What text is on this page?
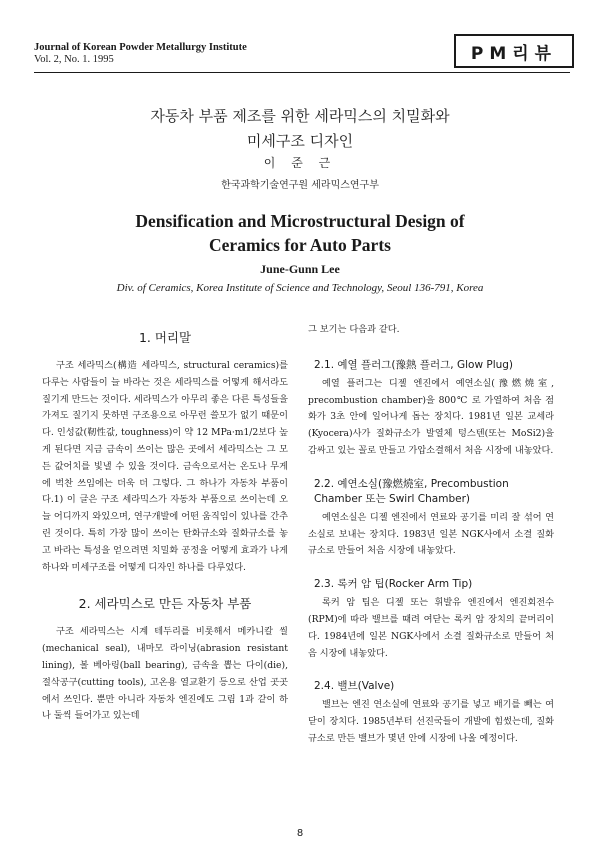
Journal of Korean Powder Metallurgy Institute
Vol. 2, No. 1. 1995	PM리뷰
자동차 부품 제조를 위한 세라믹스의 치밀화와
미세구조 디자인
이 준 근
한국과학기술연구원 세라믹스연구부
Densification and Microstructural Design of
Ceramics for Auto Parts
June-Gunn Lee
Div. of Ceramics, Korea Institute of Science and Technology, Seoul 136-791, Korea
1. 머리말

구조 세라믹스(構造 세라믹스, structural ceramics)를 다루는 사람들이 늘 바라는 것은 세라믹스를 어떻게 해서라도 질기게 만드는 것이다. 세라믹스가 아무리 좋은 다른 특성들을 가져도 질기지 못하면 구조용으로 아무런 쓸모가 없기 때문이다. 인성값(靭性값, toughness)이 약 12 MPa·m1/2보다 높게 된다면 지금 금속이 쓰이는 많은 곳에서 세라믹스는 그 모든 값어치를 빛낼 수 있을 것이다. 금속으로서는 온도나 무게에 벅찬 쓰임에는 더욱 더 그렇다. 그 하나가 자동차 부품이다.1) 이 글은 구조 세라믹스가 자동차 부품으로 쓰이는데 오늘 어디까지 와있으며, 연구개발에 어떤 움직임이 있나를 간추린 것이다. 특히 가장 많이 쓰이는 탄화규소와 질화규소를 놓고 바라는 특성을 얻으려면 치밀화 공정을 어떻게 효과가 나게 하나와 미세구조를 어떻게 디자인 하나를 다루었다.

2. 세라믹스로 만든 자동차 부품

구조 세라믹스는 시계 테두리를 비롯해서 메카니칼 씰(mechanical seal), 내마모 라이닝(abrasion resistant lining), 볼 베아링(ball bearing), 금속을 뽑는 다이(die), 절삭공구(cutting tools), 고온용 열교환기 등으로 산업 곳곳에서 쓰인다. 뿐만 아니라 자동차 엔진에도 그림 1과 같이 하나 둘씩 들어가고 있는데

그 보기는 다음과 같다.

2.1. 예열 플러그(豫熱 플러그, Glow Plug)

예열 플러그는 디젤 엔진에서 예연소실(豫燃燒室, precombustion chamber)을 800℃ 로 가열하여 처음 점화가 3초 안에 일어나게 돕는 장치다. 1981년 일본 교세라(Kyocera)사가 질화규소가 발열체 텅스텐(또는 MoSi2)을 감싸고 있는 꼴로 만들고 가압소결해서 처음 시장에 내놓았다.

2.2. 예연소실(豫燃燒室, Precombustion Chamber 또는 Swirl Chamber)

예연소실은 디젤 엔진에서 연료와 공기를 미리 잘 섞어 연소실로 보내는 장치다. 1983년 일본 NGK사에서 소결 질화규소로 만들어 처음 시장에 내놓았다.

2.3. 록커 암 팁(Rocker Arm Tip)

록커 암 팁은 디젤 또는 휘발유 엔진에서 엔진회전수(RPM)에 따라 밸브를 때려 여닫는 록커 암 장치의 끝머리이다. 1984년에 일본 NGK사에서 소결 질화규소로 만들어 처음 시장에 내놓았다.

2.4. 밸브(Valve)

밸브는 엔진 연소실에 연료와 공기를 넣고 배기를 빼는 여닫이 장치다. 1985년부터 선진국들이 개발에 힘썼는데, 질화규소로 만든 밸브가 몇년 안에 시장에 나올 예정이다.

8
